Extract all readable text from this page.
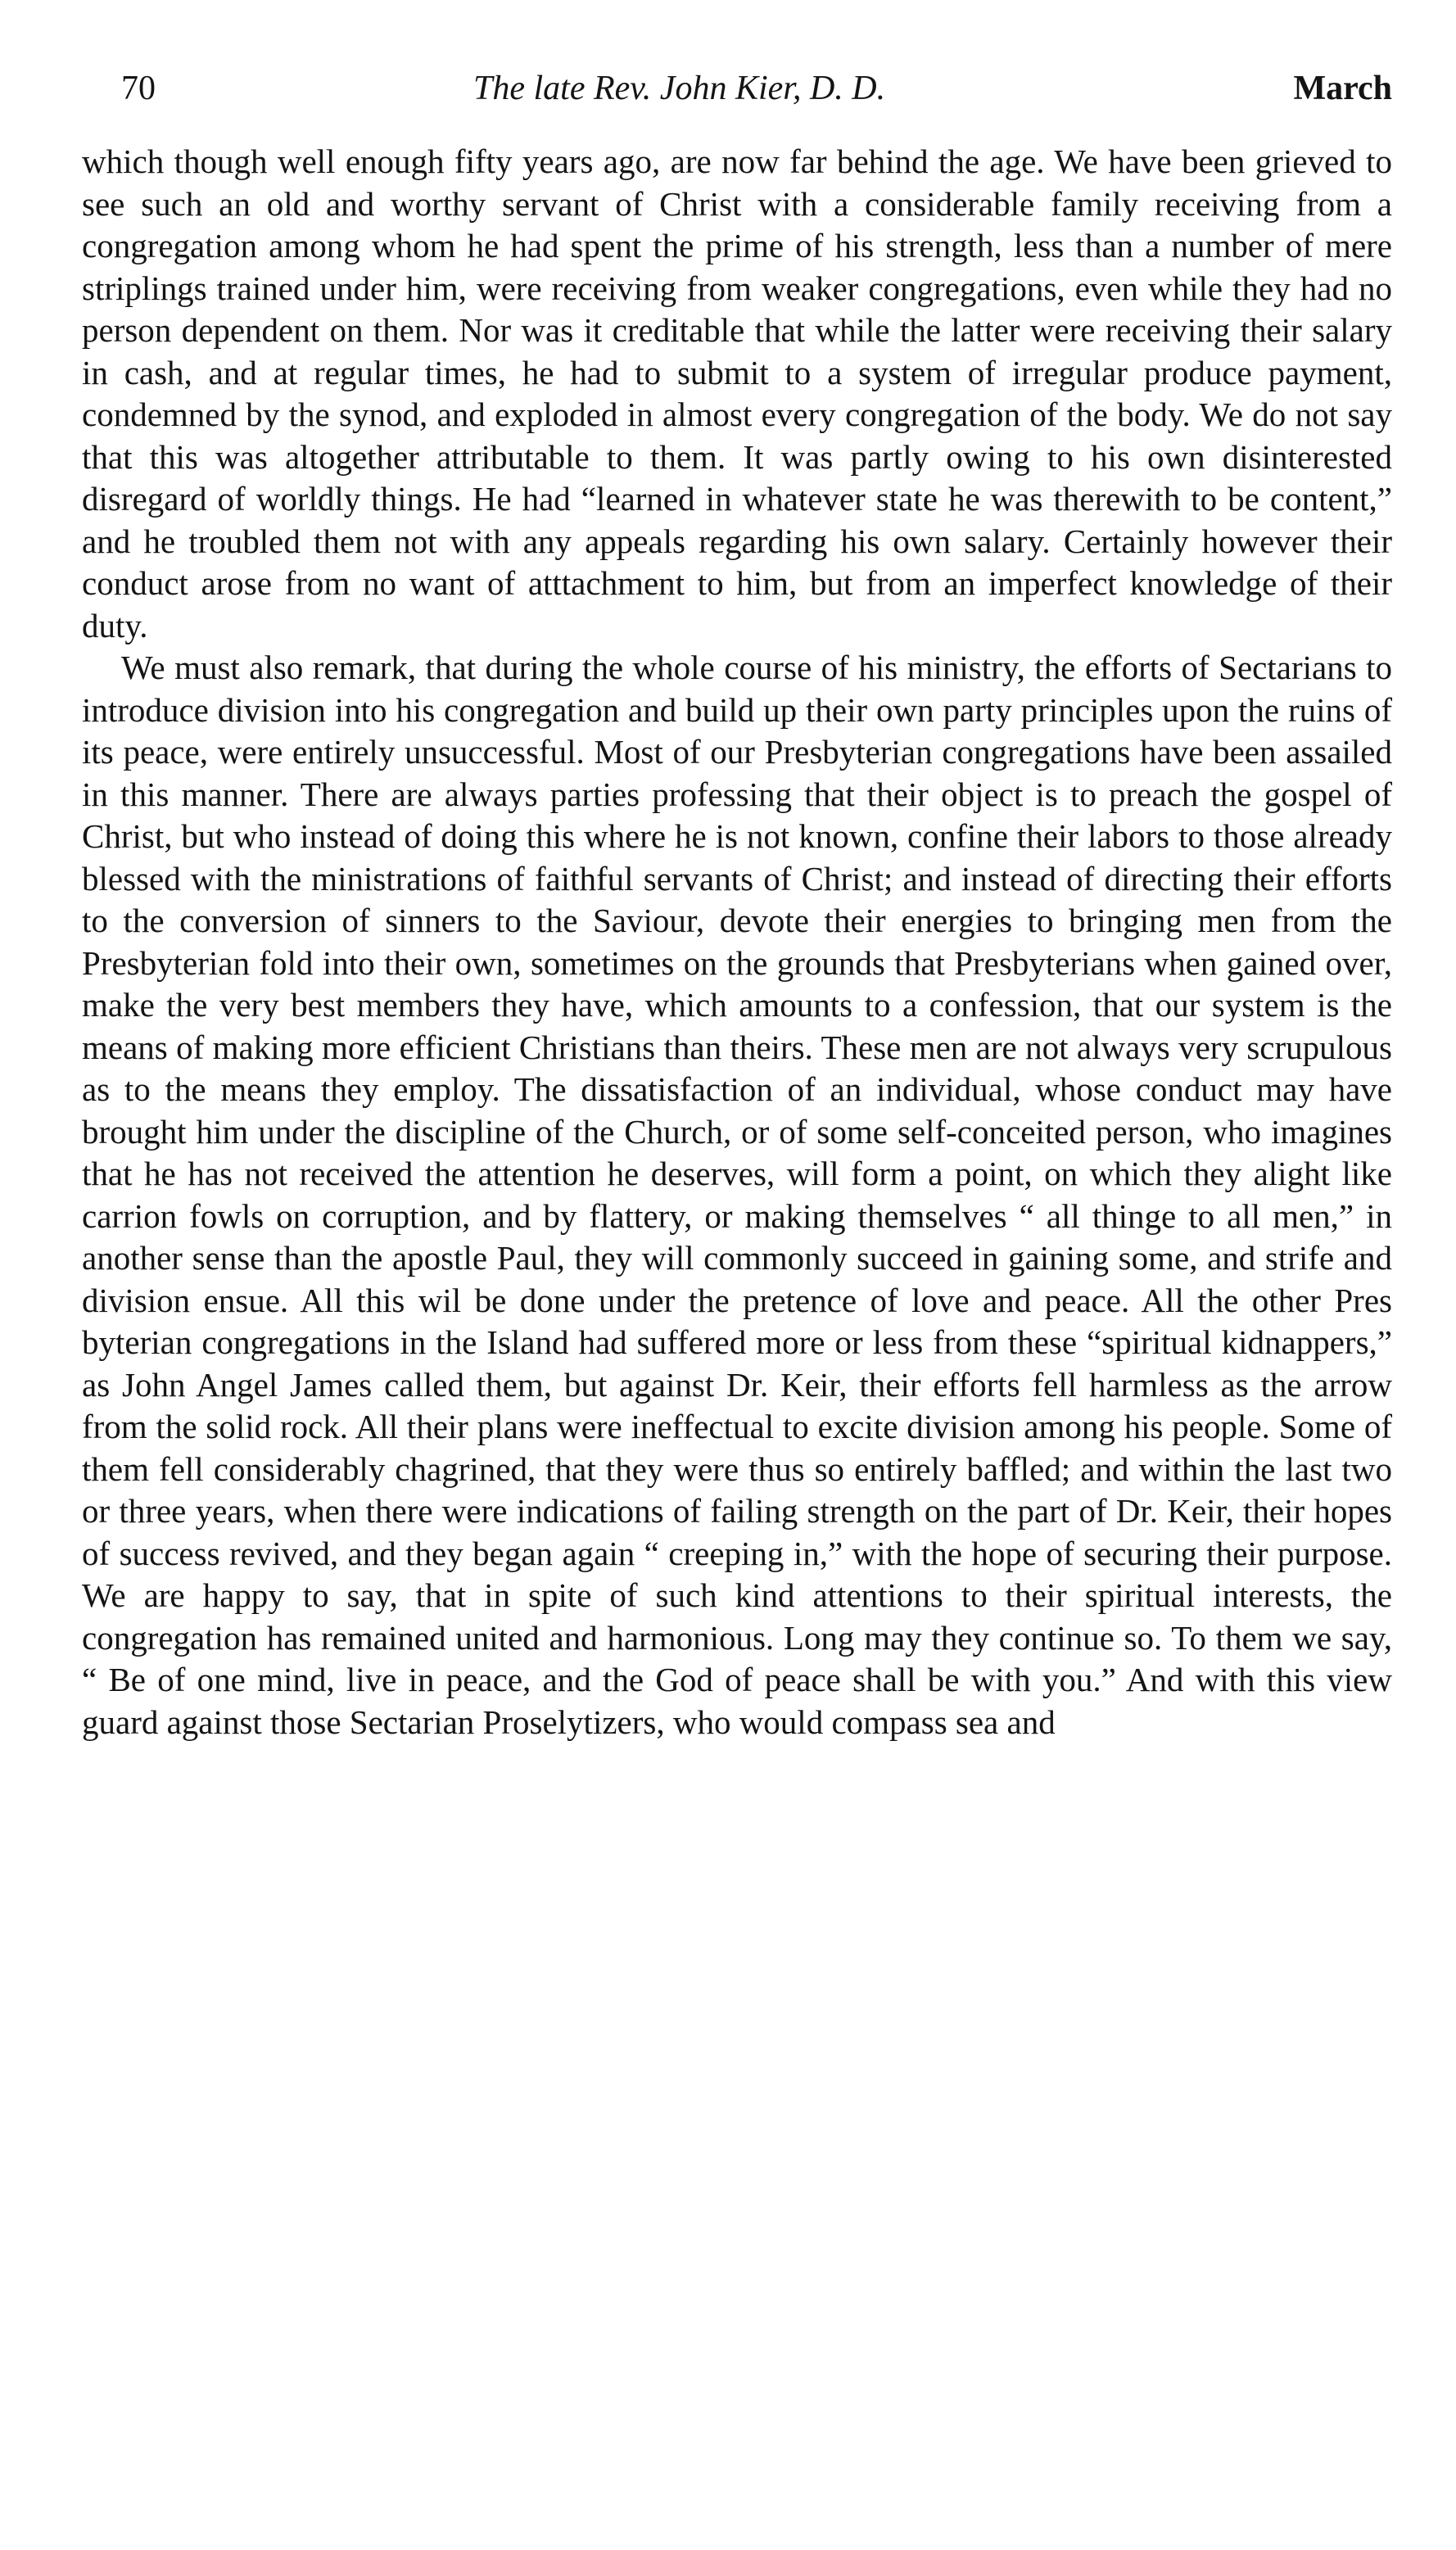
70	The late Rev. John Kier, D. D.	March

which though well enough fifty years ago, are now far behind the age. We have been grieved to see such an old and worthy servant of Christ with a considerable family receiving from a congregation among whom he had spent the prime of his strength, less than a number of mere striplings trained under him, were receiving from weaker congregations, even while they had no person dependent on them. Nor was it creditable that while the latter were receiving their salary in cash, and at regular times, he had to submit to a system of irregular produce payment, condemned by the synod, and exploded in almost every congregation of the body. We do not say that this was altogether attributable to them. It was partly owing to his own disinterested disregard of worldly things. He had “learned in whatever state he was therewith to be content,” and he troubled them not with any appeals regarding his own salary. Certainly however their conduct arose from no want of atttachment to him, but from an imperfect knowledge of their duty.

We must also remark, that during the whole course of his ministry, the efforts of Sectarians to introduce division into his congregation and build up their own party principles upon the ruins of its peace, were entirely unsuccessful. Most of our Presbyterian congregations have been assailed in this manner. There are always parties professing that their object is to preach the gospel of Christ, but who instead of doing this where he is not known, confine their labors to those already blessed with the ministrations of faithful servants of Christ; and instead of directing their efforts to the conversion of sinners to the Saviour, devote their energies to bringing men from the Presbyterian fold into their own, sometimes on the grounds that Presbyterians when gained over, make the very best members they have, which amounts to a confession, that our system is the means of making more efficient Christians than theirs. These men are not always very scrupulous as to the means they employ. The dissatisfaction of an individual, whose conduct may have brought him under the discipline of the Church, or of some self-conceited person, who imagines that he has not received the attention he deserves, will form a point, on which they alight like carrion fowls on corruption, and by flattery, or making themselves “ all thinge to all men,” in another sense than the apostle Paul, they will commonly succeed in gaining some, and strife and division ensue. All this wil be done under the pretence of love and peace. All the other Pres byterian congregations in the Island had suffered more or less from these “spiritual kidnappers,” as John Angel James called them, but against Dr. Keir, their efforts fell harmless as the arrow from the solid rock. All their plans were ineffectual to excite division among his people. Some of them fell considerably chagrined, that they were thus so entirely baffled; and within the last two or three years, when there were indications of failing strength on the part of Dr. Keir, their hopes of success revived, and they began again “ creeping in,” with the hope of securing their purpose. We are happy to say, that in spite of such kind attentions to their spiritual interests, the congregation has remained united and harmonious. Long may they continue so. To them we say, “ Be of one mind, live in peace, and the God of peace shall be with you.” And with this view guard against those Sectarian Proselytizers, who would compass sea and
